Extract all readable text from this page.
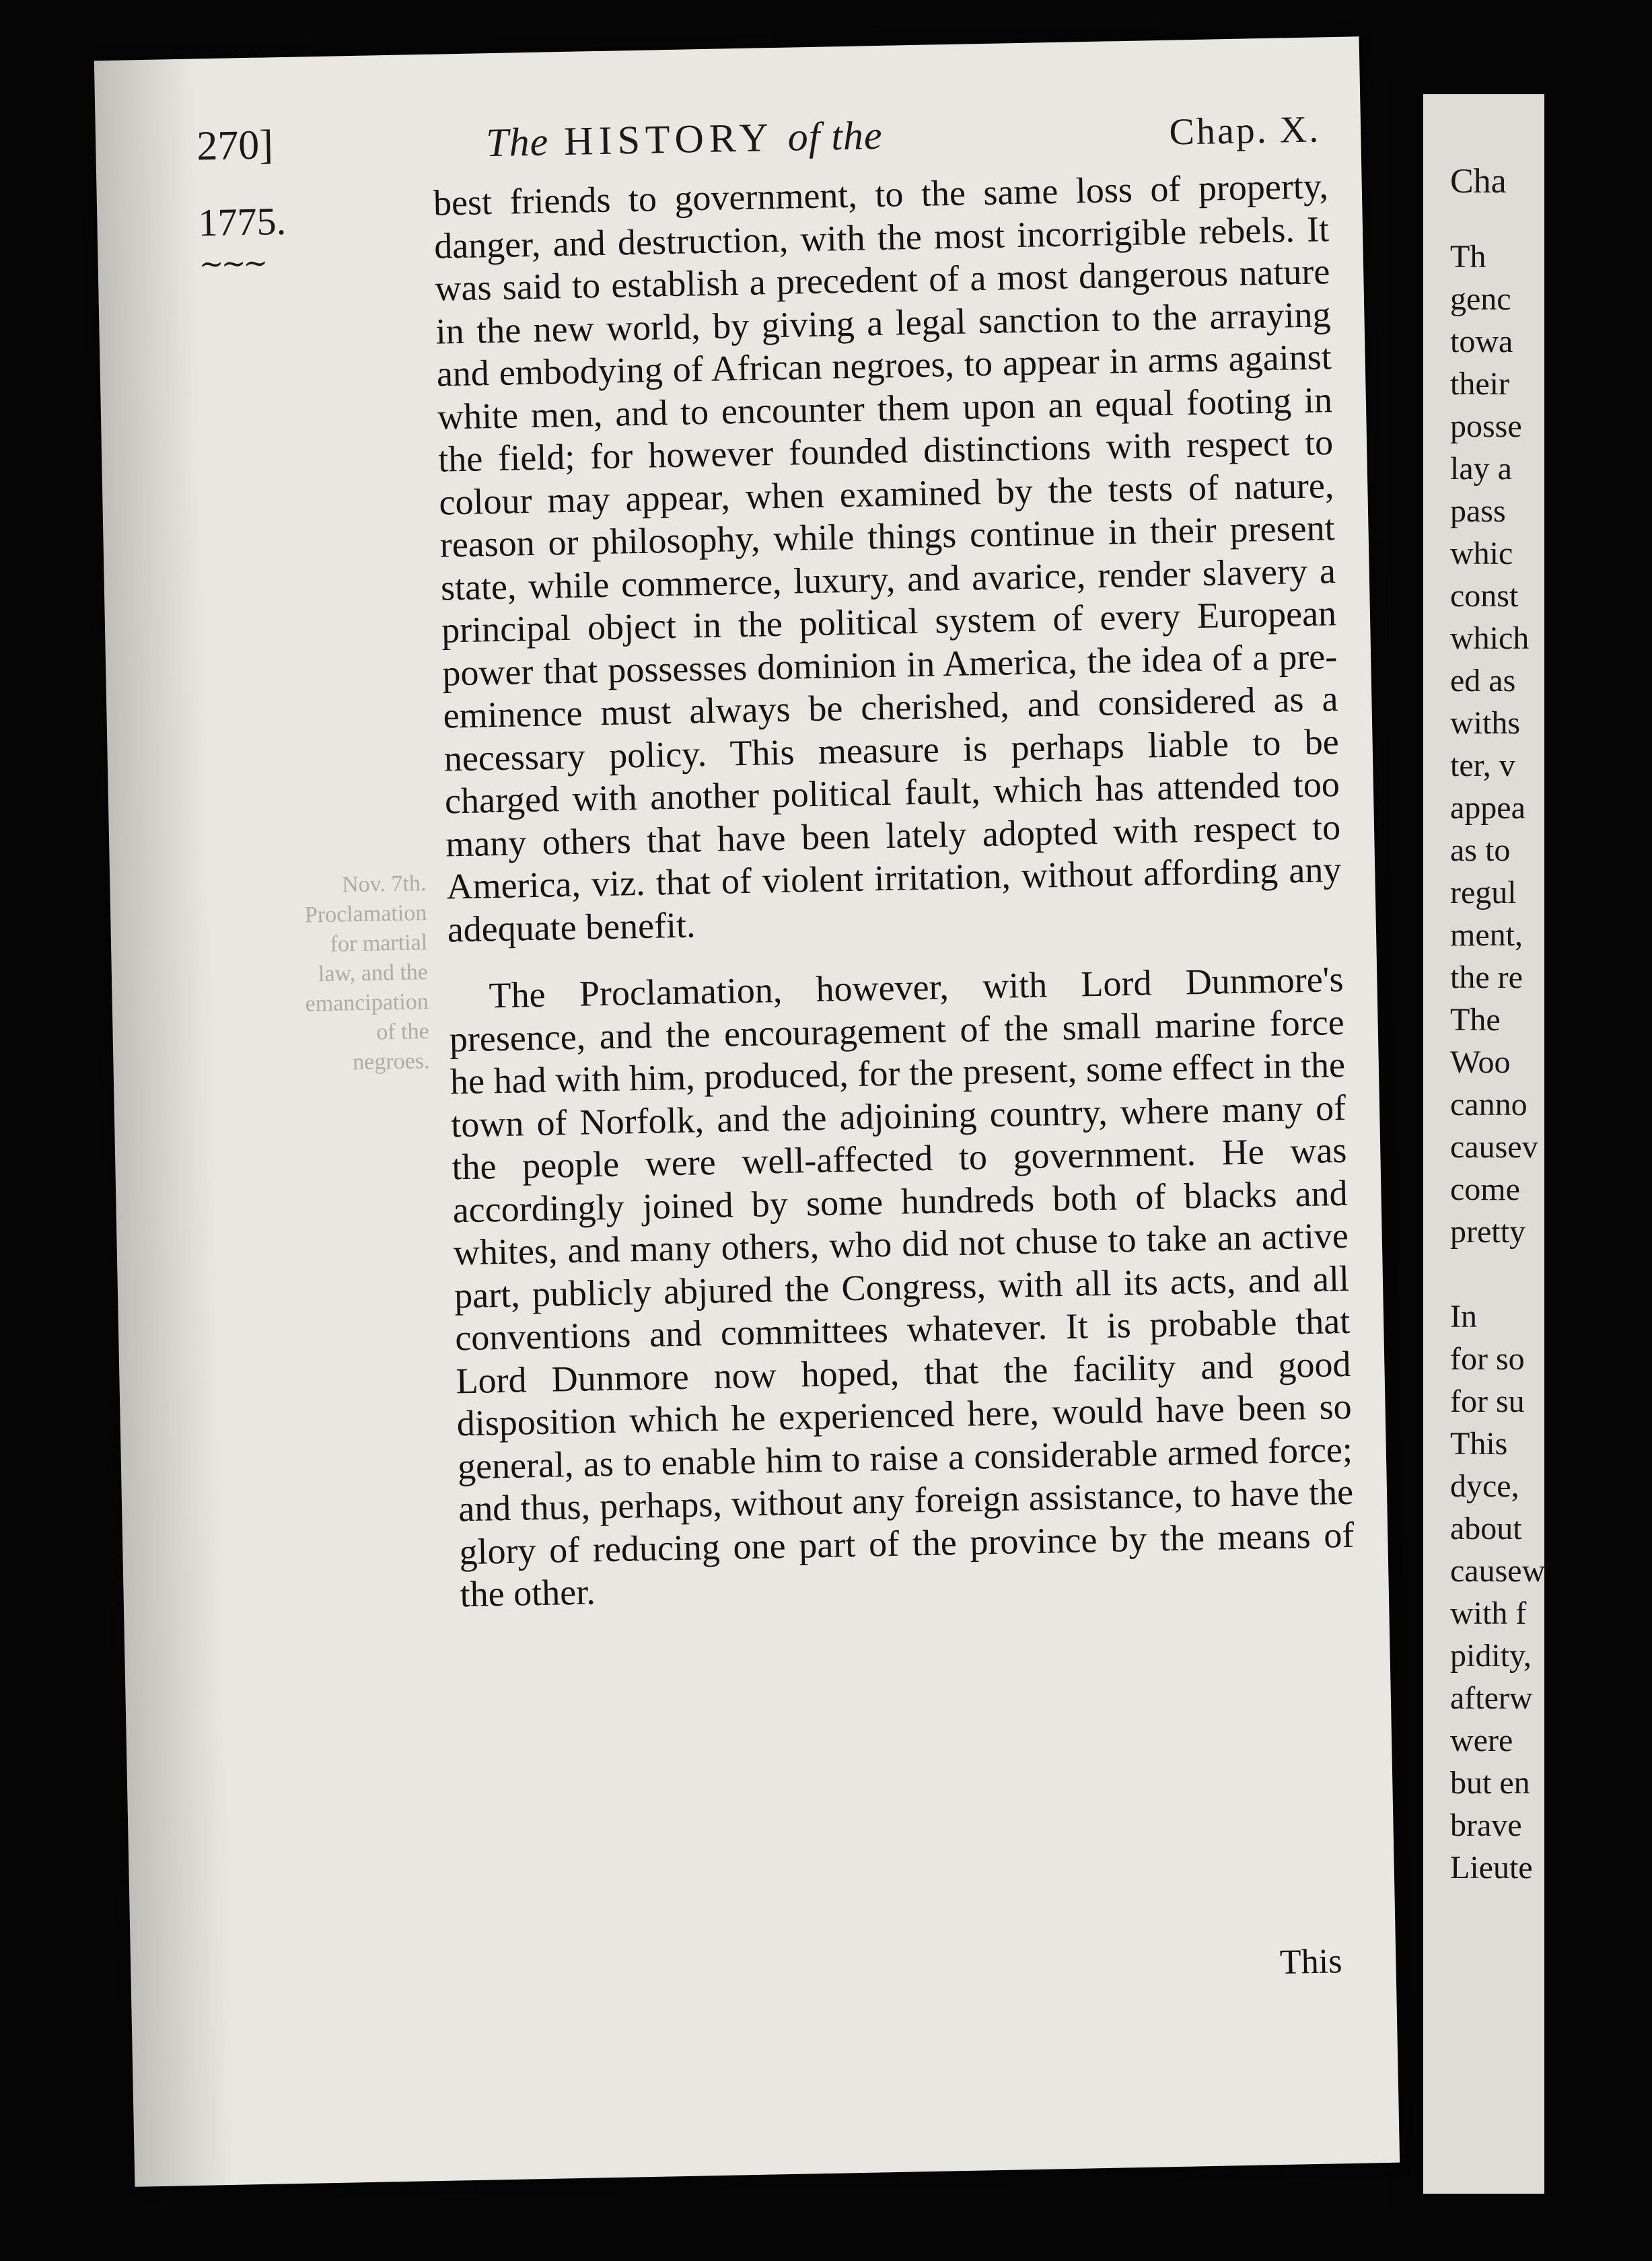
Cha
Th
genc
towa
their
posse
lay a
pass
whic
const
which
ed as
withs
ter, v
appea
as to
regul
ment,
the re
The
Woo
canno
causev
come
pretty
In
for so
for su
This
dyce,
about
causew
with f
pidity,
afterw
were
but en
brave
Lieute
270]	The HISTORY of the	Chap. X.
1775.
∼∼∼
Nov. 7th. Proclamation for martial law, and the emancipation of the negroes.

best friends to government, to the same loss of property, danger, and destruction, with the most incorrigible rebels. It was said to establish a precedent of a most dangerous nature in the new world, by giving a legal sanction to the arraying and embodying of African negroes, to appear in arms against white men, and to encounter them upon an equal footing in the field; for however founded distinctions with respect to colour may appear, when examined by the tests of nature, reason or philosophy, while things continue in their present state, while commerce, luxury, and avarice, render slavery a principal object in the political system of every European power that possesses dominion in America, the idea of a pre-eminence must always be cherished, and considered as a necessary policy. This measure is perhaps liable to be charged with another political fault, which has attended too many others that have been lately adopted with respect to America, viz. that of violent irritation, without affording any adequate benefit.

The Proclamation, however, with Lord Dunmore's presence, and the encouragement of the small marine force he had with him, produced, for the present, some effect in the town of Norfolk, and the adjoining country, where many of the people were well-affected to government. He was accordingly joined by some hundreds both of blacks and whites, and many others, who did not chuse to take an active part, publicly abjured the Congress, with all its acts, and all conventions and committees whatever. It is probable that Lord Dunmore now hoped, that the facility and good disposition which he experienced here, would have been so general, as to enable him to raise a considerable armed force; and thus, perhaps, without any foreign assistance, to have the glory of reducing one part of the province by the means of the other.

This
